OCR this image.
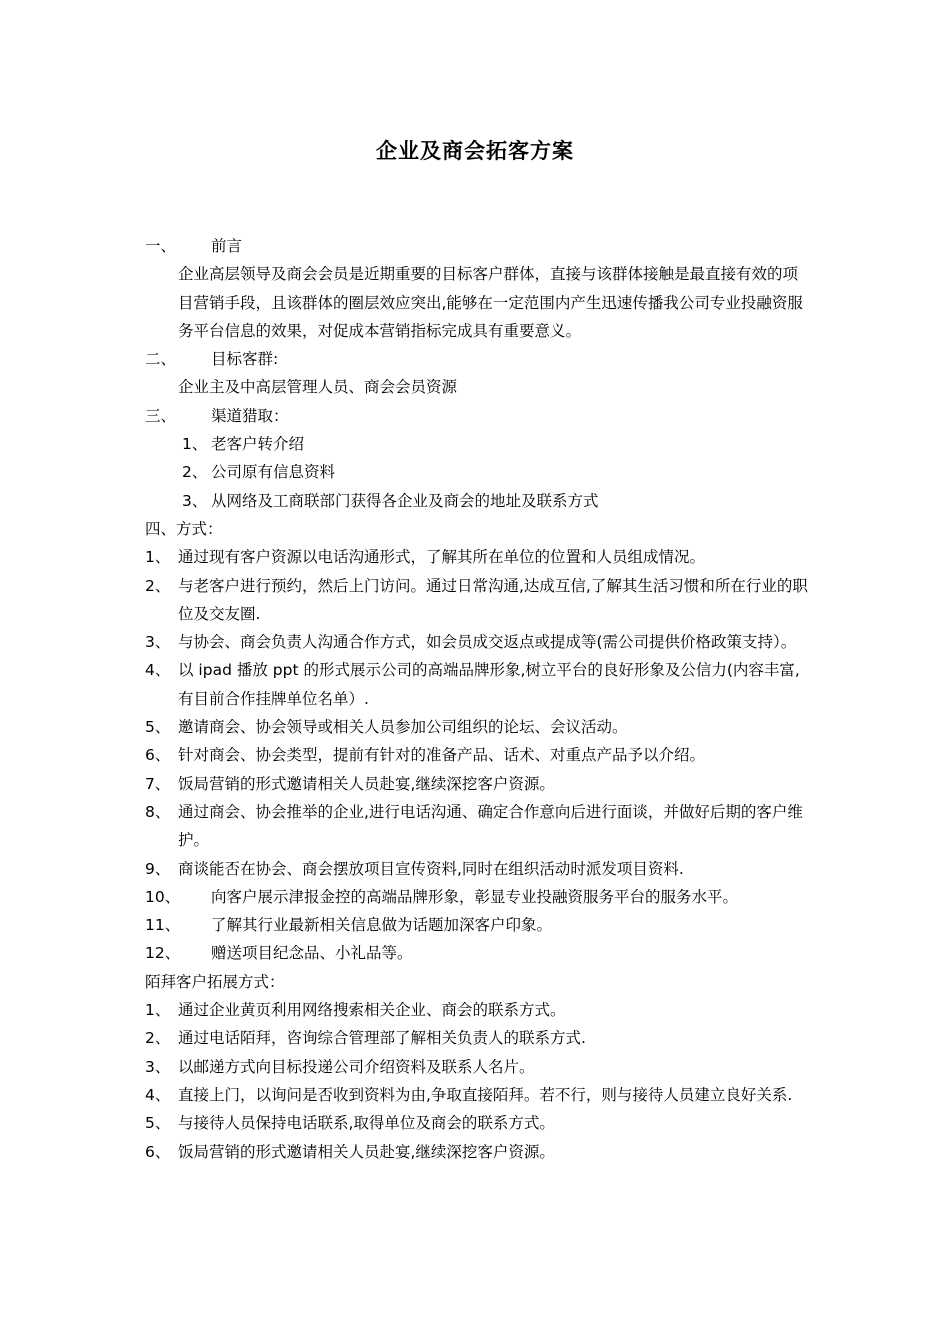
企业及商会拓客方案
一、	前言
企业高层领导及商会会员是近期重要的目标客户群体，直接与该群体接触是最直接有效的项目营销手段，且该群体的圈层效应突出,能够在一定范围内产生迅速传播我公司专业投融资服务平台信息的效果，对促成本营销指标完成具有重要意义。
二、	目标客群:
企业主及中高层管理人员、商会会员资源
三、	渠道猎取：
1、 老客户转介绍
2、 公司原有信息资料
3、 从网络及工商联部门获得各企业及商会的地址及联系方式
四、方式：
1、 通过现有客户资源以电话沟通形式，了解其所在单位的位置和人员组成情况。
2、 与老客户进行预约，然后上门访问。通过日常沟通,达成互信,了解其生活习惯和所在行业的职位及交友圈.
3、 与协会、商会负责人沟通合作方式，如会员成交返点或提成等(需公司提供价格政策支持）。
4、 以 ipad 播放 ppt 的形式展示公司的高端品牌形象,树立平台的良好形象及公信力(内容丰富,有目前合作挂牌单位名单）.
5、 邀请商会、协会领导或相关人员参加公司组织的论坛、会议活动。
6、 针对商会、协会类型，提前有针对的准备产品、话术、对重点产品予以介绍。
7、 饭局营销的形式邀请相关人员赴宴,继续深挖客户资源。
8、 通过商会、协会推举的企业,进行电话沟通、确定合作意向后进行面谈，并做好后期的客户维护。
9、 商谈能否在协会、商会摆放项目宣传资料,同时在组织活动时派发项目资料.
10、	向客户展示津报金控的高端品牌形象，彰显专业投融资服务平台的服务水平。
11、	了解其行业最新相关信息做为话题加深客户印象。
12、	赠送项目纪念品、小礼品等。
陌拜客户拓展方式：
1、 通过企业黄页利用网络搜索相关企业、商会的联系方式。
2、 通过电话陌拜，咨询综合管理部了解相关负责人的联系方式.
3、 以邮递方式向目标投递公司介绍资料及联系人名片。
4、 直接上门，以询问是否收到资料为由,争取直接陌拜。若不行，则与接待人员建立良好关系.
5、 与接待人员保持电话联系,取得单位及商会的联系方式。
6、 饭局营销的形式邀请相关人员赴宴,继续深挖客户资源。
